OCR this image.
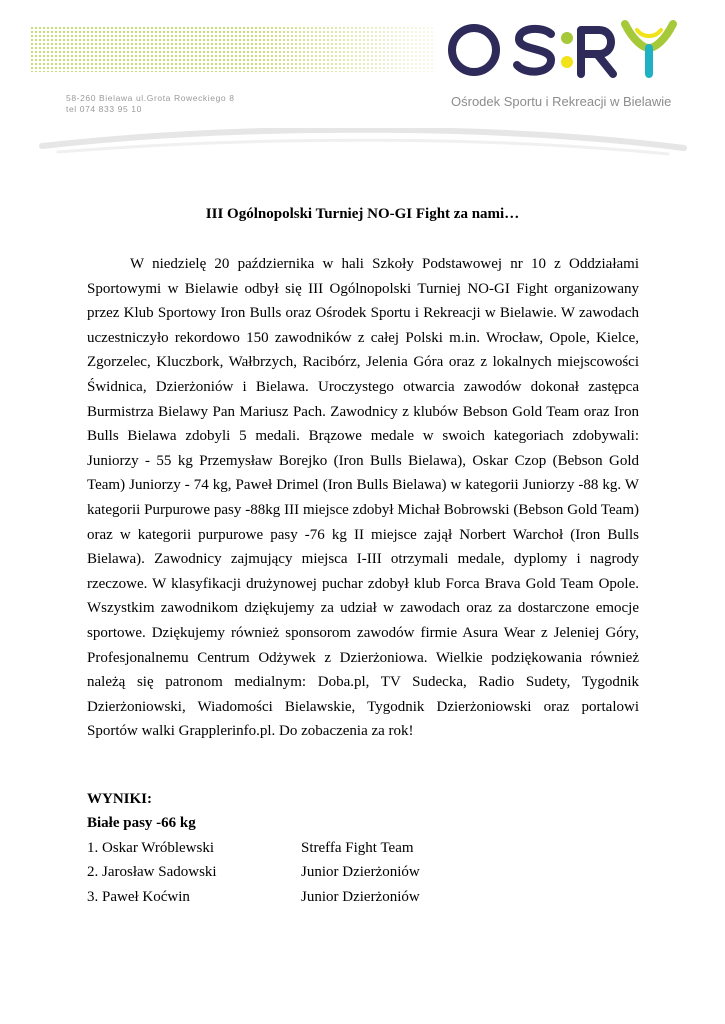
58-260 Bielawa ul.Grota Roweckiego 8
tel 074 833 95 10	Ośrodek Sportu i Rekreacji w Bielawie
III Ogólnopolski Turniej NO-GI Fight za nami…
W niedzielę 20 października w hali Szkoły Podstawowej nr 10 z Oddziałami Sportowymi w Bielawie odbył się III Ogólnopolski Turniej NO-GI Fight organizowany przez Klub Sportowy Iron Bulls oraz Ośrodek Sportu i Rekreacji w Bielawie. W zawodach uczestniczyło rekordowo 150 zawodników z całej Polski m.in. Wrocław, Opole, Kielce, Zgorzelec, Kluczbork, Wałbrzych, Racibórz, Jelenia Góra oraz z lokalnych miejscowości Świdnica, Dzierżoniów i Bielawa. Uroczystego otwarcia zawodów dokonał zastępca Burmistrza Bielawy Pan Mariusz Pach. Zawodnicy z klubów Bebson Gold Team oraz Iron Bulls Bielawa zdobyli 5 medali. Brązowe medale w swoich kategoriach zdobywali: Juniorzy - 55 kg Przemysław Borejko (Iron Bulls Bielawa), Oskar Czop (Bebson Gold Team) Juniorzy - 74 kg, Paweł Drimel (Iron Bulls Bielawa) w kategorii Juniorzy -88 kg. W kategorii Purpurowe pasy -88kg III miejsce zdobył Michał Bobrowski (Bebson Gold Team) oraz w kategorii purpurowe pasy -76 kg II miejsce zajął Norbert Warchoł (Iron Bulls Bielawa). Zawodnicy zajmujący miejsca I-III otrzymali medale, dyplomy i nagrody rzeczowe. W klasyfikacji drużynowej puchar zdobył klub Forca Brava Gold Team Opole. Wszystkim zawodnikom dziękujemy za udział w zawodach oraz za dostarczone emocje sportowe. Dziękujemy również sponsorom zawodów firmie Asura Wear z Jeleniej Góry, Profesjonalnemu Centrum Odżywek z Dzierżoniowa. Wielkie podziękowania również należą się patronom medialnym: Doba.pl, TV Sudecka, Radio Sudety, Tygodnik Dzierżoniowski, Wiadomości Bielawskie, Tygodnik Dzierżoniowski oraz portalowi Sportów walki Grapplerinfo.pl. Do zobaczenia za rok!
WYNIKI:
Białe pasy -66 kg
1. Oskar Wróblewski	Streffa Fight Team
2. Jarosław Sadowski	Junior Dzierżoniów
3. Paweł Koćwin	Junior Dzierżoniów
